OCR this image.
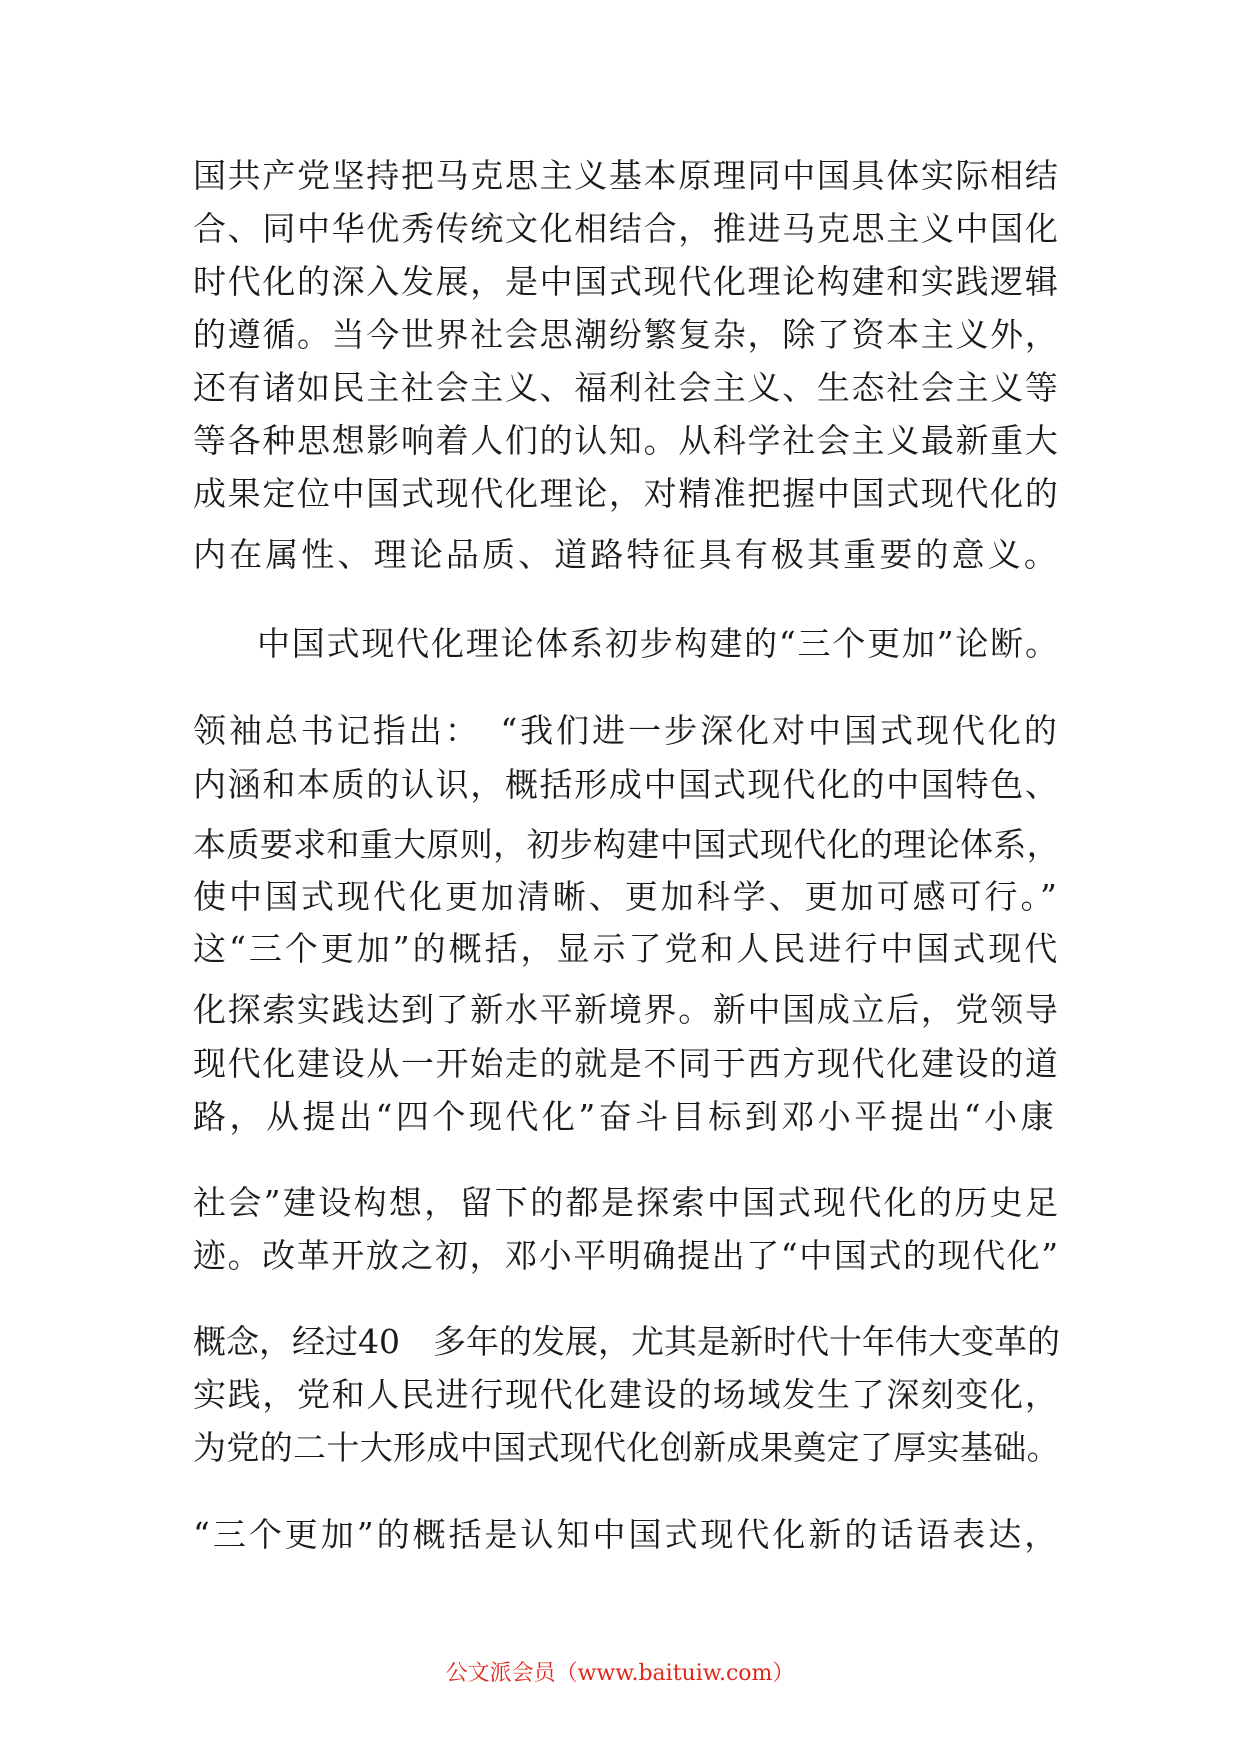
国共产党坚持把马克思主义基本原理同中国具体实际相结
合、同中华优秀传统文化相结合，推进马克思主义中国化
时代化的深入发展，是中国式现代化理论构建和实践逻辑
的遵循。当今世界社会思潮纷繁复杂，除了资本主义外，
还有诸如民主社会主义、福利社会主义、生态社会主义等
等各种思想影响着人们的认知。从科学社会主义最新重大
成果定位中国式现代化理论，对精准把握中国式现代化的
内在属性、理论品质、道路特征具有极其重要的意义。
中国式现代化理论体系初步构建的“三个更加”论断。
领袖总书记指出：　“我们进一步深化对中国式现代化的
内涵和本质的认识，概括形成中国式现代化的中国特色、
本质要求和重大原则，初步构建中国式现代化的理论体系，
使中国式现代化更加清晰、更加科学、更加可感可行。”
这“三个更加”的概括，显示了党和人民进行中国式现代
化探索实践达到了新水平新境界。新中国成立后，党领导
现代化建设从一开始走的就是不同于西方现代化建设的道
路，从提出“四个现代化”奋斗目标到邓小平提出“小康
社会”建设构想，留下的都是探索中国式现代化的历史足
迹。改革开放之初，邓小平明确提出了“中国式的现代化”
概念，经过40　多年的发展，尤其是新时代十年伟大变革的
实践，党和人民进行现代化建设的场域发生了深刻变化，
为党的二十大形成中国式现代化创新成果奠定了厚实基础。
“三个更加”的概括是认知中国式现代化新的话语表达，
公文派会员（www.baituiw.com）
